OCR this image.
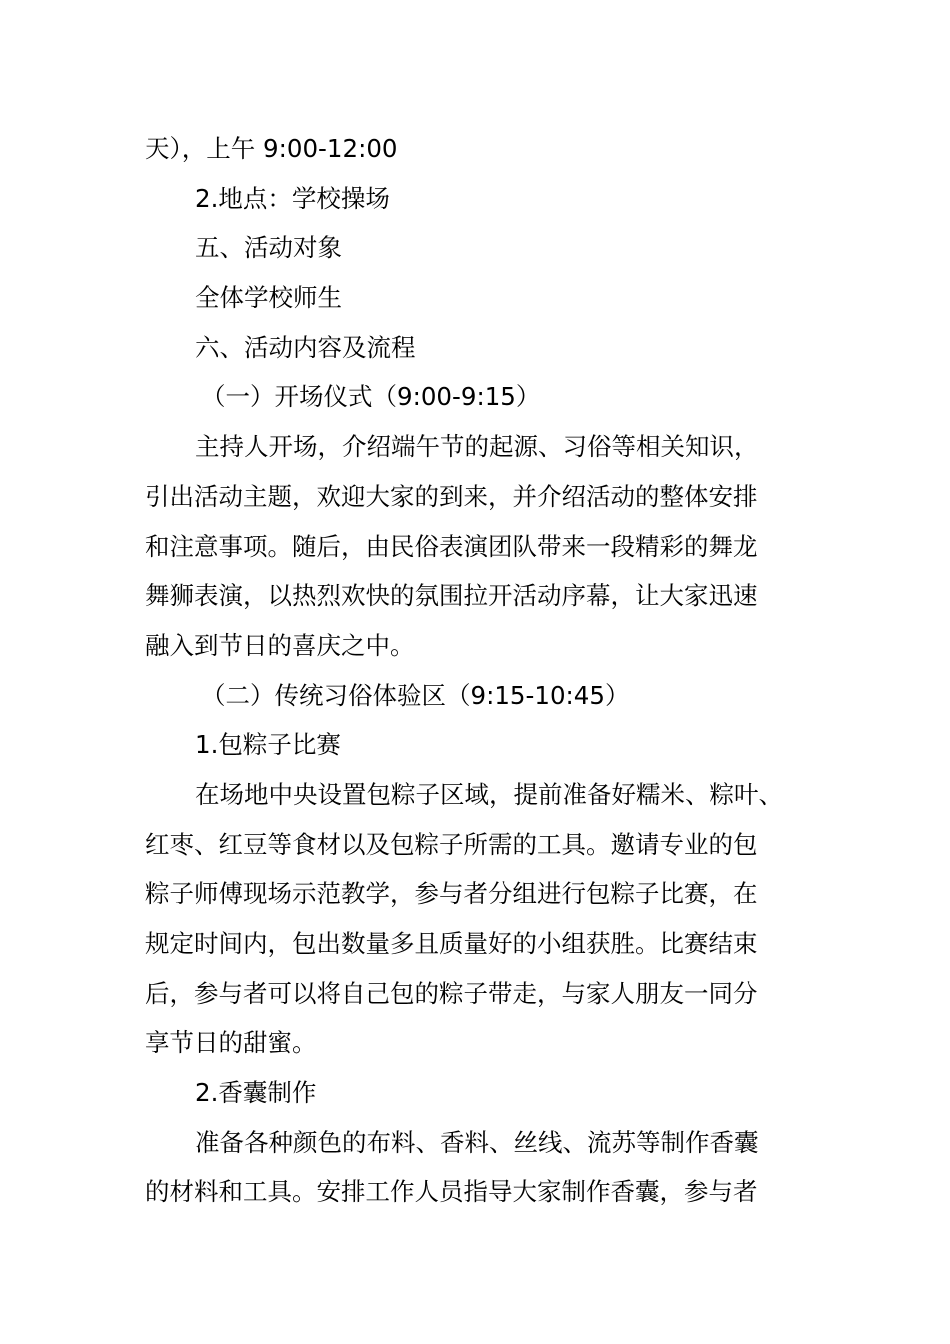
天），上午 9:00-12:00
2.地点：学校操场
五、活动对象
全体学校师生
六、活动内容及流程
（一）开场仪式（9:00-9:15）
主持人开场，介绍端午节的起源、习俗等相关知识，
引出活动主题，欢迎大家的到来，并介绍活动的整体安排
和注意事项。随后，由民俗表演团队带来一段精彩的舞龙
舞狮表演，以热烈欢快的氛围拉开活动序幕，让大家迅速
融入到节日的喜庆之中。
（二）传统习俗体验区（9:15-10:45）
1.包粽子比赛
在场地中央设置包粽子区域，提前准备好糯米、粽叶、
红枣、红豆等食材以及包粽子所需的工具。邀请专业的包
粽子师傅现场示范教学，参与者分组进行包粽子比赛，在
规定时间内，包出数量多且质量好的小组获胜。比赛结束
后，参与者可以将自己包的粽子带走，与家人朋友一同分
享节日的甜蜜。
2.香囊制作
准备各种颜色的布料、香料、丝线、流苏等制作香囊
的材料和工具。安排工作人员指导大家制作香囊，参与者
